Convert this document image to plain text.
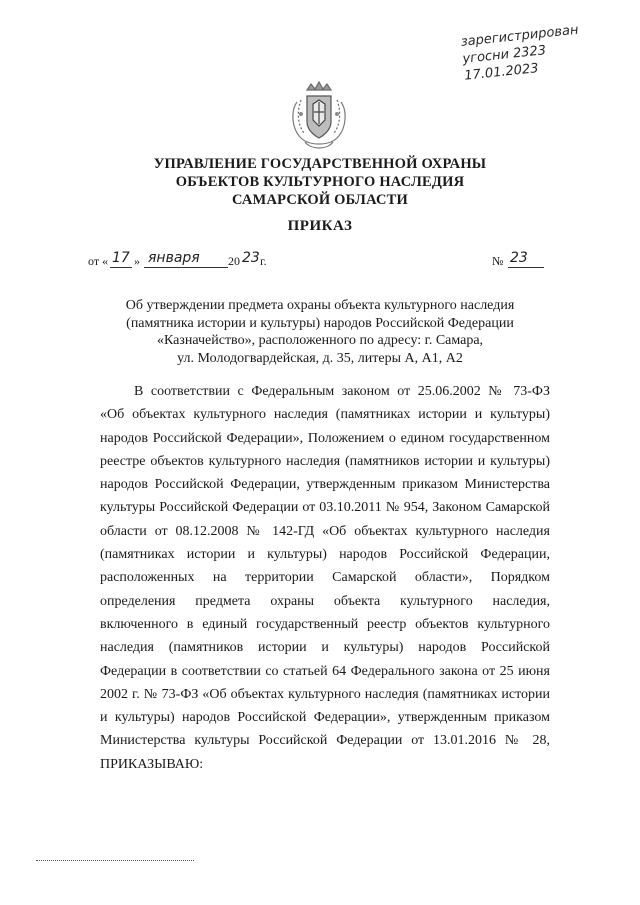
зарегистрирован
угосни 2323
17.01.2023
УПРАВЛЕНИЕ ГОСУДАРСТВЕННОЙ ОХРАНЫ
ОБЪЕКТОВ КУЛЬТУРНОГО НАСЛЕДИЯ
САМАРСКОЙ ОБЛАСТИ
ПРИКАЗ
от « 17 » января 20 23 г.	№ 23
Об утверждении предмета охраны объекта культурного наследия
(памятника истории и культуры) народов Российской Федерации
«Казначейство», расположенного по адресу: г. Самара,
ул. Молодогвардейская, д. 35, литеры А, А1, А2
В соответствии с Федеральным законом от 25.06.2002 № 73-ФЗ
«Об объектах культурного наследия (памятниках истории и культуры)
народов Российской Федерации», Положением о едином государственном
реестре объектов культурного наследия (памятников истории и культуры)
народов Российской Федерации, утвержденным приказом Министерства
культуры Российской Федерации от 03.10.2011 № 954, Законом Самарской
области от 08.12.2008 № 142-ГД «Об объектах культурного наследия
(памятниках истории и культуры) народов Российской Федерации,
расположенных на территории Самарской области», Порядком
определения предмета охраны объекта культурного наследия,
включенного в единый государственный реестр объектов культурного
наследия (памятников истории и культуры) народов Российской
Федерации в соответствии со статьей 64 Федерального закона от 25 июня
2002 г. № 73-ФЗ «Об объектах культурного наследия (памятниках истории
и культуры) народов Российской Федерации», утвержденным приказом
Министерства культуры Российской Федерации от 13.01.2016 № 28,
ПРИКАЗЫВАЮ:
